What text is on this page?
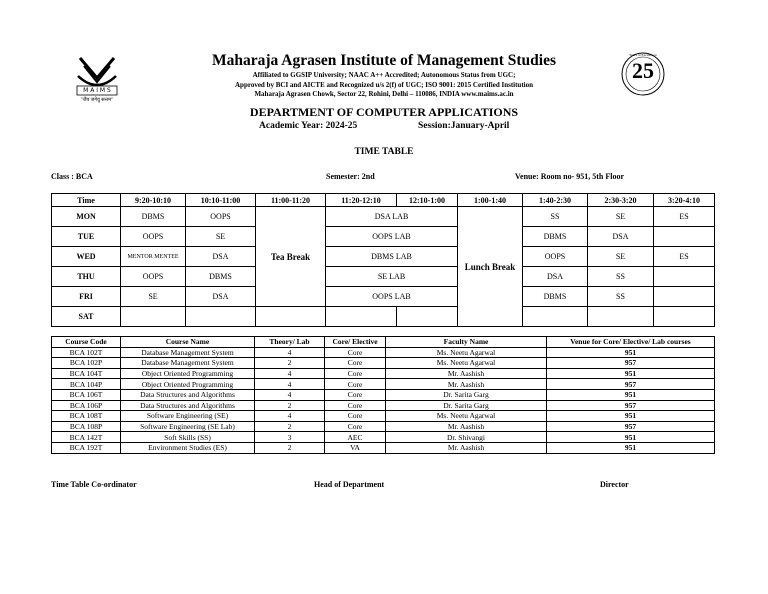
M A I M S
"जैव जगेयु सत्तम"
25
Years of Excellence
Maharaja Agrasen Institute of Management Studies
Affiliated to GGSIP University; NAAC A++ Accredited; Autonomous Status from UGC;
Approved by BCI and AICTE and Recognized u/s 2(f) of UGC; ISO 9001: 2015 Certified Institution
Maharaja Agrasen Chowk, Sector 22, Rohini, Delhi – 110086, INDIA www.maims.ac.in
DEPARTMENT OF COMPUTER APPLICATIONS
Academic Year: 2024-25	Session:January-April
TIME TABLE
Class : BCA	Semester: 2nd	Venue: Room no- 951, 5th Floor
Time	9:20-10:10	10:10-11:00	11:00-11:20	11:20-12:10	12:10-1:00	1:00-1:40	1:40-2:30	2:30-3:20	3:20-4:10
MON	DBMS	OOPS	Tea Break	DSA LAB		Lunch Break	SS	SE	ES
TUE	OOPS	SE		OOPS LAB			DBMS	DSA	
WED	MENTOR MENTEE	DSA		DBMS LAB			OOPS	SE	ES
THU	OOPS	DBMS		SE LAB			DSA	SS	
FRI	SE	DSA		OOPS LAB			DBMS	SS	
SAT									
Course Code	Course Name	Theory/ Lab	Core/ Elective	Faculty Name	Venue for Core/ Elective/ Lab courses
BCA 102T	Database Management System	4	Core	Ms. Neetu Agarwal	951
BCA 102P	Database Management System	2	Core	Ms. Neetu Agarwal	957
BCA 104T	Object Oriented Programming	4	Core	Mr. Aashish	951
BCA 104P	Object Oriented Programming	4	Core	Mr. Aashish	957
BCA 106T	Data Structures and Algorithms	4	Core	Dr. Sarita Garg	951
BCA 106P	Data Structures and Algorithms	2	Core	Dr. Sarita Garg	957
BCA 108T	Software Engineering (SE)	4	Core	Ms. Neetu Agarwal	951
BCA 108P	Software Engineering (SE Lab)	2	Core	Mr. Aashish	957
BCA 142T	Soft Skills (SS)	3	AEC	Dr. Shivangi	951
BCA 192T	Environment Studies (ES)	2	VA	Mr. Aashish	951
Time Table Co-ordinator	Head of Department	Director
